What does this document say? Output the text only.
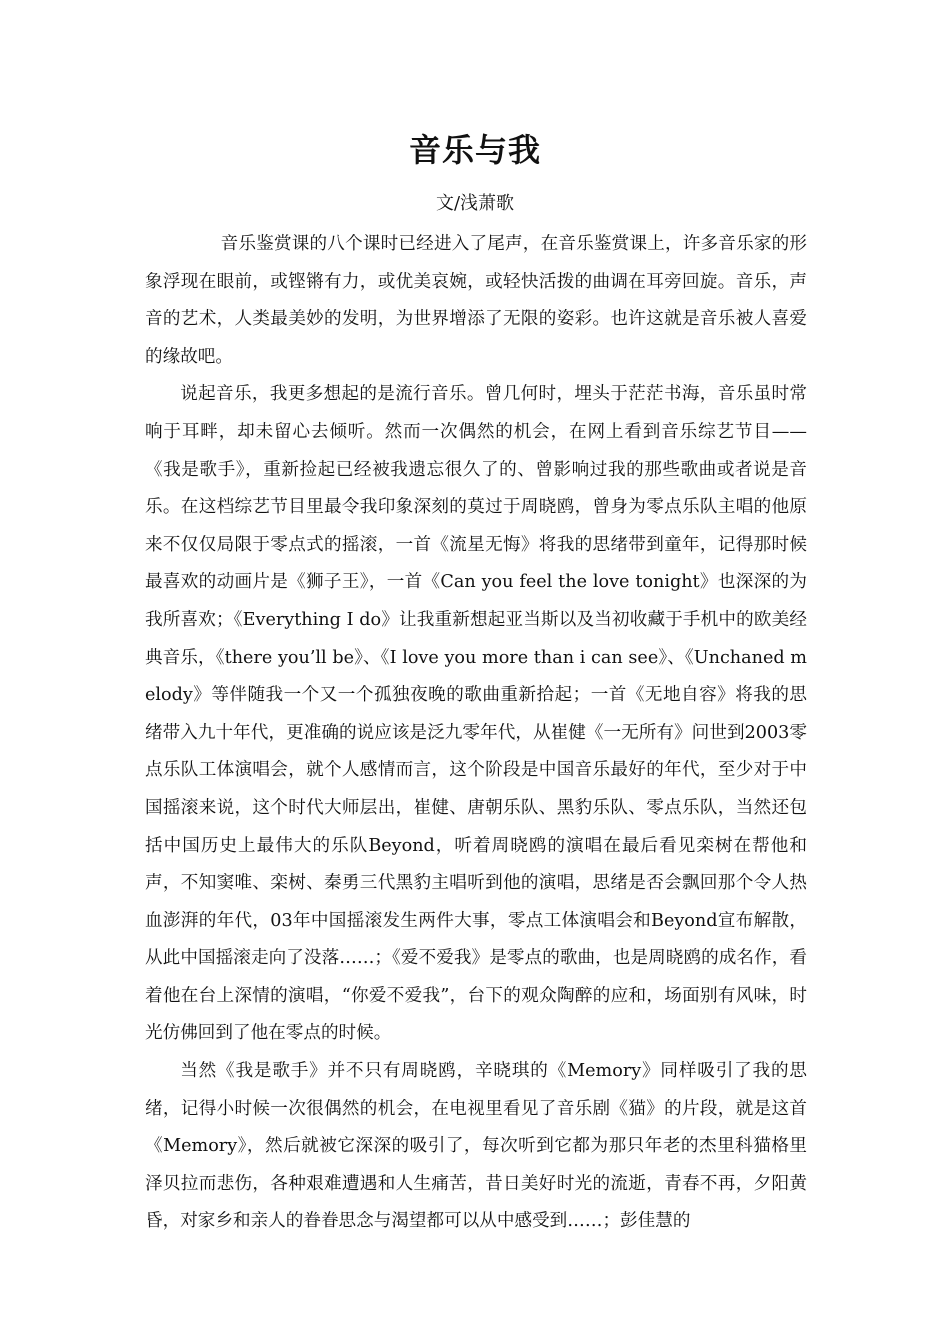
音乐与我
文/浅萧歌

音乐鉴赏课的八个课时已经进入了尾声，在音乐鉴赏课上，许多音乐家的形象浮现在眼前，或铿锵有力，或优美哀婉，或轻快活拨的曲调在耳旁回旋。音乐，声音的艺术，人类最美妙的发明，为世界增添了无限的姿彩。也许这就是音乐被人喜爱的缘故吧。

说起音乐，我更多想起的是流行音乐。曾几何时，埋头于茫茫书海，音乐虽时常响于耳畔，却未留心去倾听。然而一次偶然的机会，在网上看到音乐综艺节目——《我是歌手》，重新捡起已经被我遗忘很久了的、曾影响过我的那些歌曲或者说是音乐。在这档综艺节目里最令我印象深刻的莫过于周晓鸥，曾身为零点乐队主唱的他原来不仅仅局限于零点式的摇滚，一首《流星无悔》将我的思绪带到童年，记得那时候最喜欢的动画片是《狮子王》，一首《Can you feel the love tonight》也深深的为我所喜欢；《Everything I do》让我重新想起亚当斯以及当初收藏于手机中的欧美经典音乐，《there you’ll be》、《I love you more than i can see》、《Unchaned melody》等伴随我一个又一个孤独夜晚的歌曲重新拾起；一首《无地自容》将我的思绪带入九十年代，更准确的说应该是泛九零年代，从崔健《一无所有》问世到2003零点乐队工体演唱会，就个人感情而言，这个阶段是中国音乐最好的年代，至少对于中国摇滚来说，这个时代大师层出，崔健、唐朝乐队、黑豹乐队、零点乐队，当然还包括中国历史上最伟大的乐队Beyond，听着周晓鸥的演唱在最后看见栾树在帮他和声，不知窦唯、栾树、秦勇三代黑豹主唱听到他的演唱，思绪是否会飘回那个令人热血澎湃的年代，03年中国摇滚发生两件大事，零点工体演唱会和Beyond宣布解散，从此中国摇滚走向了没落……；《爱不爱我》是零点的歌曲，也是周晓鸥的成名作，看着他在台上深情的演唱，“你爱不爱我”，台下的观众陶醉的应和，场面别有风味，时光仿佛回到了他在零点的时候。

当然《我是歌手》并不只有周晓鸥，辛晓琪的《Memory》同样吸引了我的思绪，记得小时候一次很偶然的机会，在电视里看见了音乐剧《猫》的片段，就是这首《Memory》，然后就被它深深的吸引了，每次听到它都为那只年老的杰里科猫格里泽贝拉而悲伤，各种艰难遭遇和人生痛苦，昔日美好时光的流逝，青春不再，夕阳黄昏，对家乡和亲人的眷眷思念与渴望都可以从中感受到……；彭佳慧的
